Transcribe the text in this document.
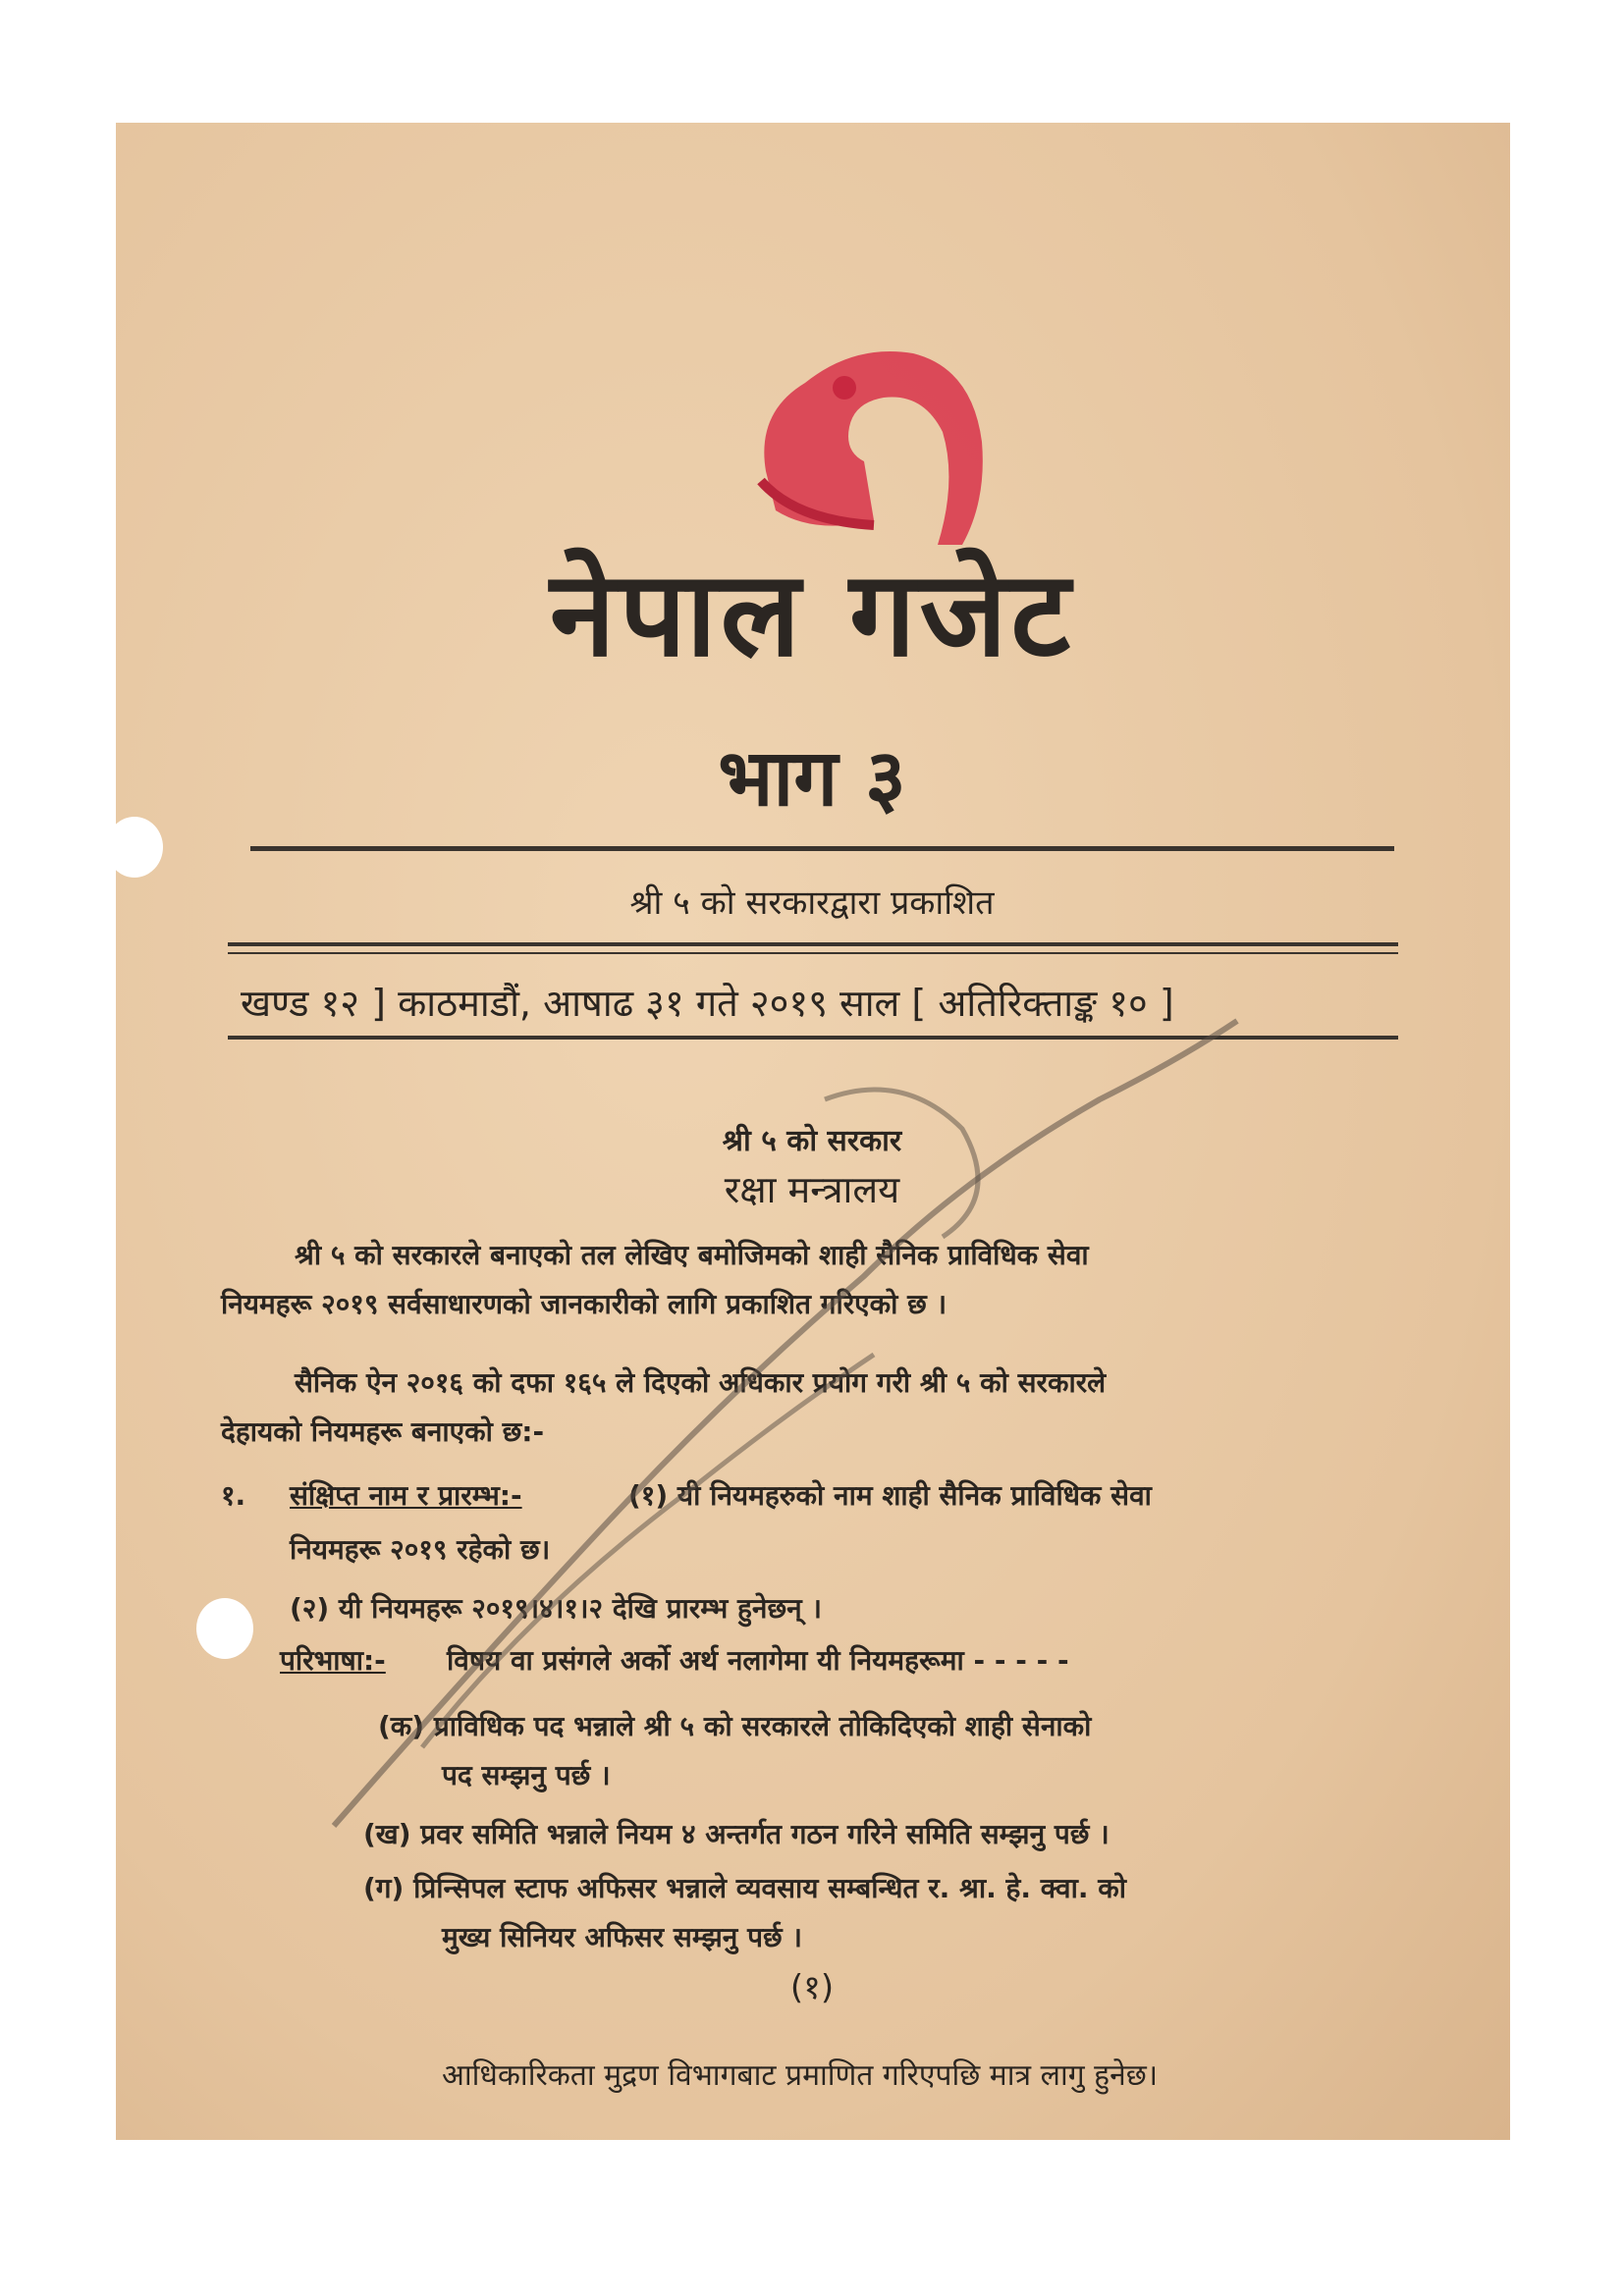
नेपाल गजेट
भाग ३
श्री ५ को सरकारद्वारा प्रकाशित
खण्ड १२ ] काठमाडौं, आषाढ ३१ गते २०१९ साल [ अतिरिक्ताङ्क १० ]
श्री ५ को सरकार
रक्षा मन्त्रालय
श्री ५ को सरकारले बनाएको तल लेखिए बमोजिमको शाही सैनिक प्राविधिक सेवा
नियमहरू २०१९ सर्वसाधारणको जानकारीको लागि प्रकाशित गरिएको छ ।
सैनिक ऐन २०१६ को दफा १६५ ले दिएको अधिकार प्रयोग गरी श्री ५ को सरकारले
देहायको नियमहरू बनाएको छ:-
१. संक्षिप्त नाम र प्रारम्भ:-	(१) यी नियमहरुको नाम शाही सैनिक प्राविधिक सेवा
नियमहरू २०१९ रहेको छ।
(२) यी नियमहरू २०१९।४।१।२ देखि प्रारम्भ हुनेछन् ।
परिभाषा:- विषय वा प्रसंगले अर्को अर्थ नलागेमा यी नियमहरूमा - - - - -
(क) प्राविधिक पद भन्नाले श्री ५ को सरकारले तोकिदिएको शाही सेनाको
पद सम्झनु पर्छ ।
(ख) प्रवर समिति भन्नाले नियम ४ अन्तर्गत गठन गरिने समिति सम्झनु पर्छ ।
(ग) प्रिन्सिपल स्टाफ अफिसर भन्नाले व्यवसाय सम्बन्धित र. श्रा. हे. क्वा. को
मुख्य सिनियर अफिसर सम्झनु पर्छ ।
(१)
आधिकारिकता मुद्रण विभागबाट प्रमाणित गरिएपछि मात्र लागु हुनेछ।
